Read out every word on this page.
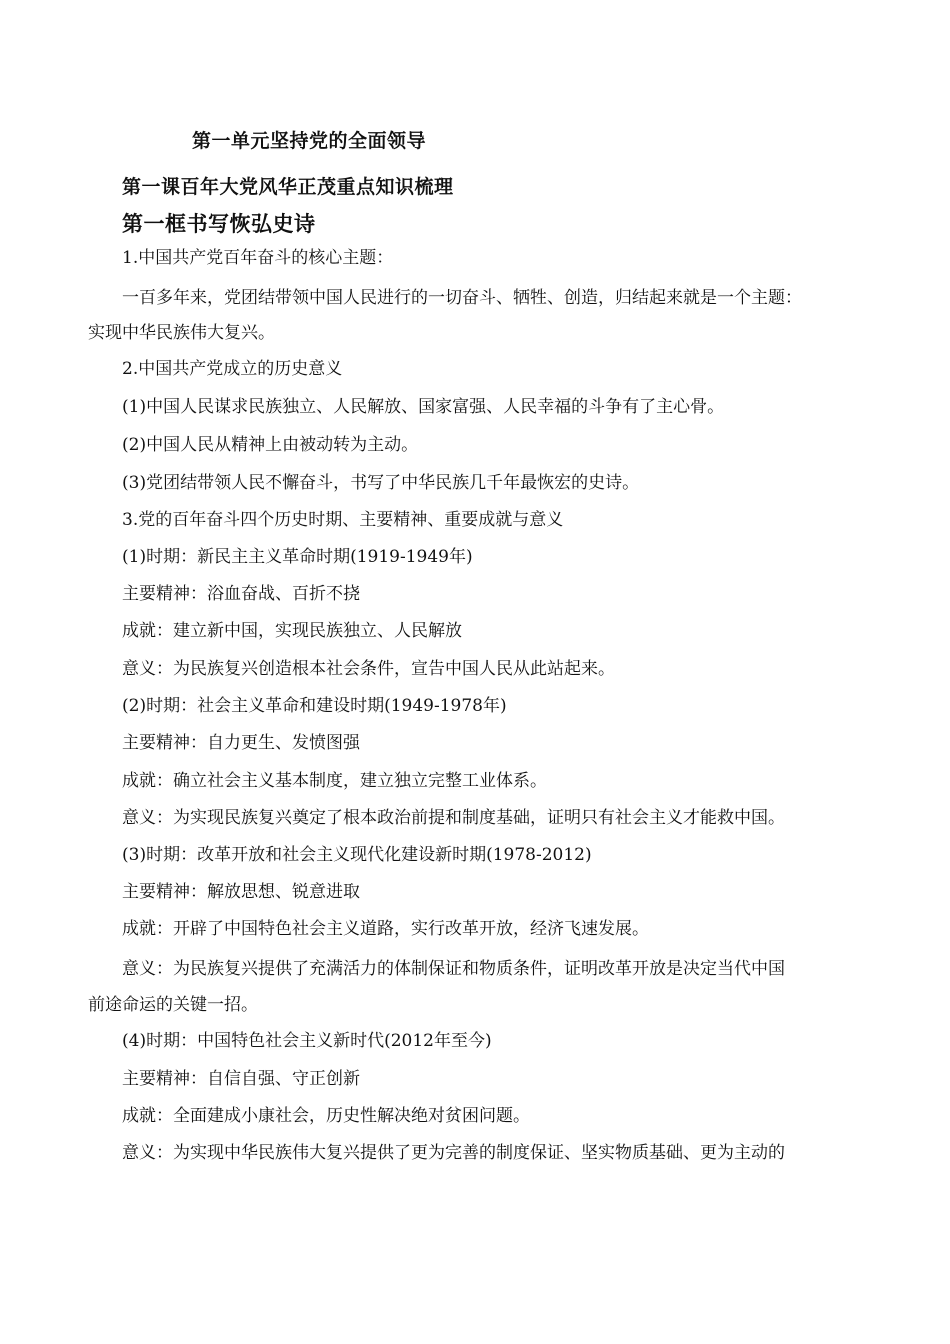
第一单元坚持党的全面领导
第一课百年大党风华正茂重点知识梳理
第一框书写恢弘史诗
1.中国共产党百年奋斗的核心主题：
一百多年来，党团结带领中国人民进行的一切奋斗、牺牲、创造，归结起来就是一个主题：
实现中华民族伟大复兴。
2.中国共产党成立的历史意义
(1)中国人民谋求民族独立、人民解放、国家富强、人民幸福的斗争有了主心骨。
(2)中国人民从精神上由被动转为主动。
(3)党团结带领人民不懈奋斗，书写了中华民族几千年最恢宏的史诗。
3.党的百年奋斗四个历史时期、主要精神、重要成就与意义
(1)时期：新民主主义革命时期(1919-1949年)
主要精神：浴血奋战、百折不挠
成就：建立新中国，实现民族独立、人民解放
意义：为民族复兴创造根本社会条件，宣告中国人民从此站起来。
(2)时期：社会主义革命和建设时期(1949-1978年)
主要精神：自力更生、发愤图强
成就：确立社会主义基本制度，建立独立完整工业体系。
意义：为实现民族复兴奠定了根本政治前提和制度基础，证明只有社会主义才能救中国。
(3)时期：改革开放和社会主义现代化建设新时期(1978-2012)
主要精神：解放思想、锐意进取
成就：开辟了中国特色社会主义道路，实行改革开放，经济飞速发展。
意义：为民族复兴提供了充满活力的体制保证和物质条件，证明改革开放是决定当代中国
前途命运的关键一招。
(4)时期：中国特色社会主义新时代(2012年至今)
主要精神：自信自强、守正创新
成就：全面建成小康社会，历史性解决绝对贫困问题。
意义：为实现中华民族伟大复兴提供了更为完善的制度保证、坚实物质基础、更为主动的
